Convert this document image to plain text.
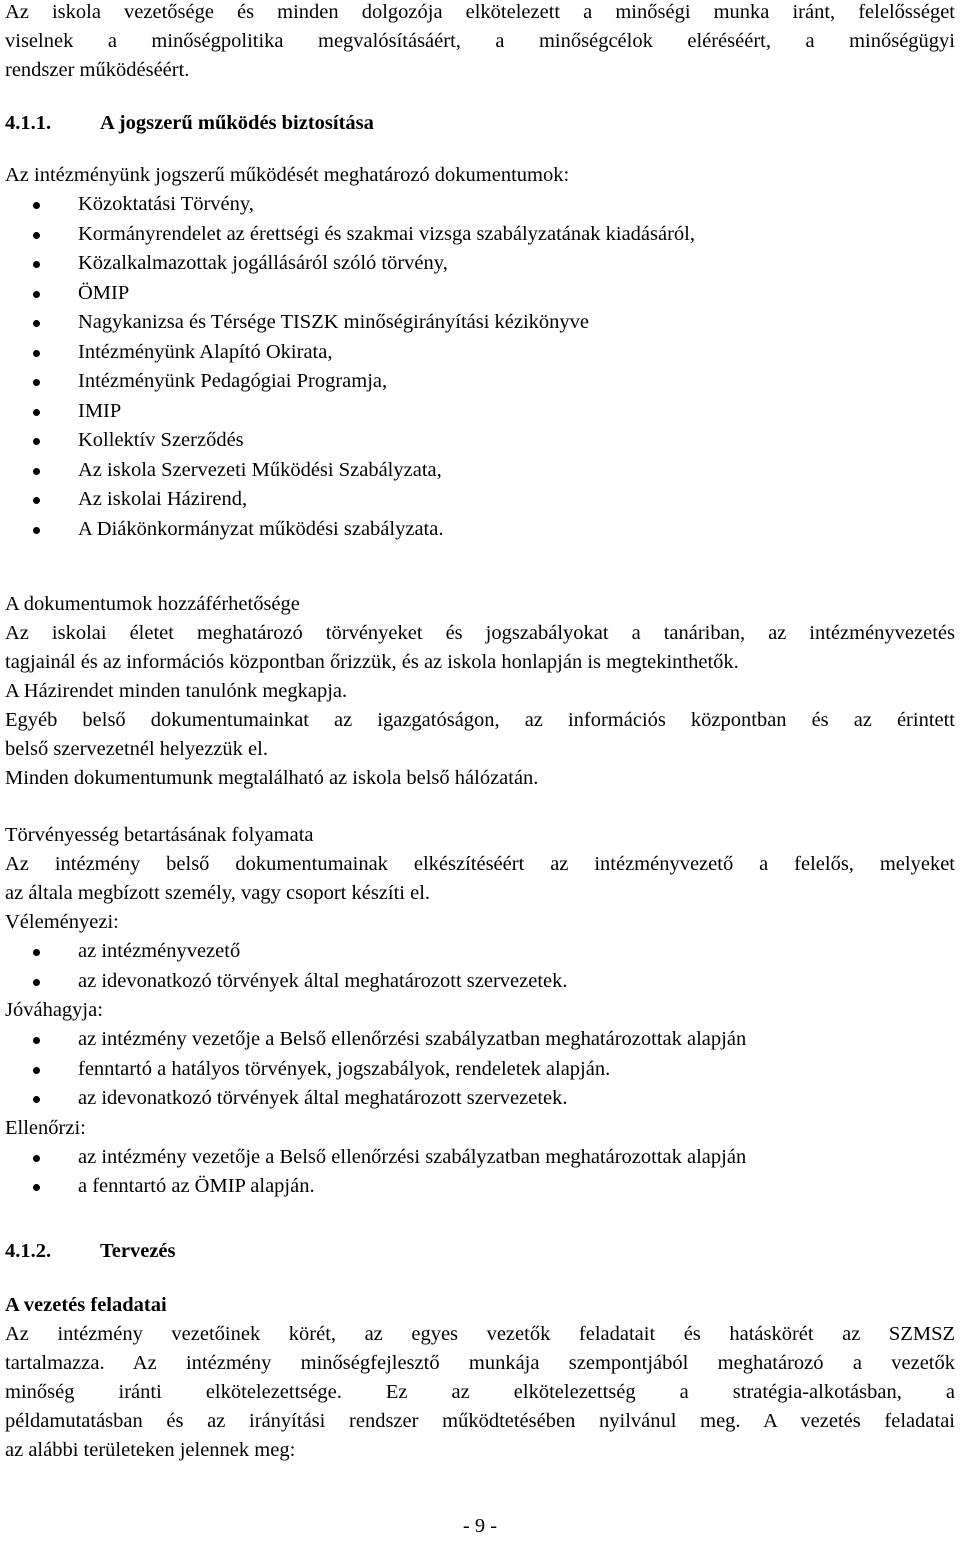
Az iskola vezetősége és minden dolgozója elkötelezett a minőségi munka iránt, felelősséget

viselnek a minőségpolitika megvalósításáért, a minőségcélok eléréséért, a minőségügyi

rendszer működéséért.

4.1.1.	A jogszerű működés biztosítása

Az intézményünk jogszerű működését meghatározó dokumentumok:

Közoktatási Törvény,
Kormányrendelet az érettségi és szakmai vizsga szabályzatának kiadásáról,
Közalkalmazottak jogállásáról szóló törvény,
ÖMIP
Nagykanizsa és Térsége TISZK minőségirányítási kézikönyve
Intézményünk Alapító Okirata,
Intézményünk Pedagógiai Programja,
IMIP
Kollektív Szerződés
Az iskola Szervezeti Működési Szabályzata,
Az iskolai Házirend,
A Diákönkormányzat működési szabályzata.

A dokumentumok hozzáférhetősége

Az iskolai életet meghatározó törvényeket és jogszabályokat a tanáriban, az intézményvezetés

tagjainál és az információs központban őrizzük, és az iskola honlapján is megtekinthetők.

A Házirendet minden tanulónk megkapja.

Egyéb belső dokumentumainkat az igazgatóságon, az információs központban és az érintett

belső szervezetnél helyezzük el.

Minden dokumentumunk megtalálható az iskola belső hálózatán.

Törvényesség betartásának folyamata

Az intézmény belső dokumentumainak elkészítéséért az intézményvezető a felelős, melyeket

az általa megbízott személy, vagy csoport készíti el.

Véleményezi:

az intézményvezető
az idevonatkozó törvények által meghatározott szervezetek.

Jóváhagyja:

az intézmény vezetője a Belső ellenőrzési szabályzatban meghatározottak alapján
fenntartó a hatályos törvények, jogszabályok, rendeletek alapján.
az idevonatkozó törvények által meghatározott szervezetek.

Ellenőrzi:

az intézmény vezetője a Belső ellenőrzési szabályzatban meghatározottak alapján
a fenntartó az ÖMIP alapján.
4.1.2.	Tervezés

A vezetés feladatai

Az intézmény vezetőinek körét, az egyes vezetők feladatait és hatáskörét az SZMSZ

tartalmazza. Az intézmény minőségfejlesztő munkája szempontjából meghatározó a vezetők

minőség iránti elkötelezettsége. Ez az elkötelezettség a stratégia-alkotásban, a

példamutatásban és az irányítási rendszer működtetésében nyilvánul meg. A vezetés feladatai

az alábbi területeken jelennek meg:

- 9 -
